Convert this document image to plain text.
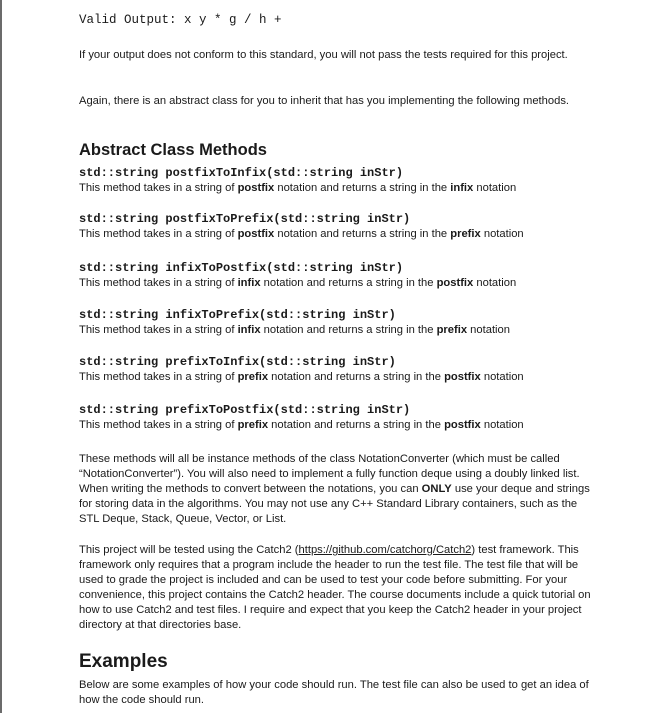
Valid Output: x y * g / h +

If your output does not conform to this standard, you will not pass the tests required for this project.

Again, there is an abstract class for you to inherit that has you implementing the following methods.

Abstract Class Methods
std::string postfixToInfix(std::string inStr)
This method takes in a string of postfix notation and returns a string in the infix notation
std::string postfixToPrefix(std::string inStr)
This method takes in a string of postfix notation and returns a string in the prefix notation
std::string infixToPostfix(std::string inStr)
This method takes in a string of infix notation and returns a string in the postfix notation
std::string infixToPrefix(std::string inStr)
This method takes in a string of infix notation and returns a string in the prefix notation
std::string prefixToInfix(std::string inStr)
This method takes in a string of prefix notation and returns a string in the postfix notation
std::string prefixToPostfix(std::string inStr)
This method takes in a string of prefix notation and returns a string in the postfix notation

These methods will all be instance methods of the class NotationConverter (which must be called “NotationConverter”). You will also need to implement a fully function deque using a doubly linked list. When writing the methods to convert between the notations, you can ONLY use your deque and strings for storing data in the algorithms. You may not use any C++ Standard Library containers, such as the STL Deque, Stack, Queue, Vector, or List.

This project will be tested using the Catch2 (https://github.com/catchorg/Catch2) test framework. This framework only requires that a program include the header to run the test file. The test file that will be used to grade the project is included and can be used to test your code before submitting. For your convenience, this project contains the Catch2 header. The course documents include a quick tutorial on how to use Catch2 and test files. I require and expect that you keep the Catch2 header in your project directory at that directories base.

Examples

Below are some examples of how your code should run. The test file can also be used to get an idea of how the code should run.
